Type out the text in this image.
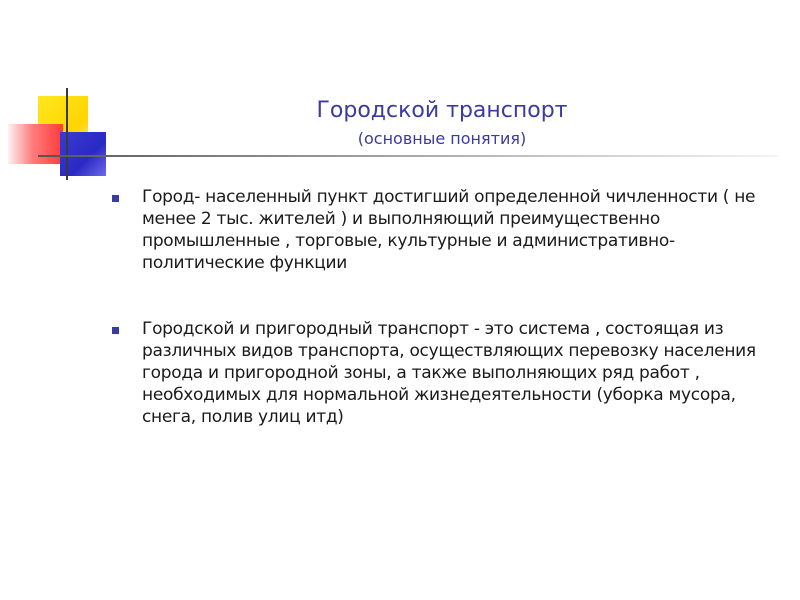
Городской транспорт
(основные понятия)
Город- населенный пункт достигший определенной чичленности ( не менее 2 тыс. жителей ) и выполняющий преимущественно промышленные , торговые, культурные и административно-политические функции
Городской и пригородный транспорт - это система , состоящая из различных видов транспорта, осуществляющих перевозку населения города и пригородной зоны, а также выполняющих ряд работ , необходимых для нормальной жизнедеятельности (уборка мусора, снега, полив улиц итд)
